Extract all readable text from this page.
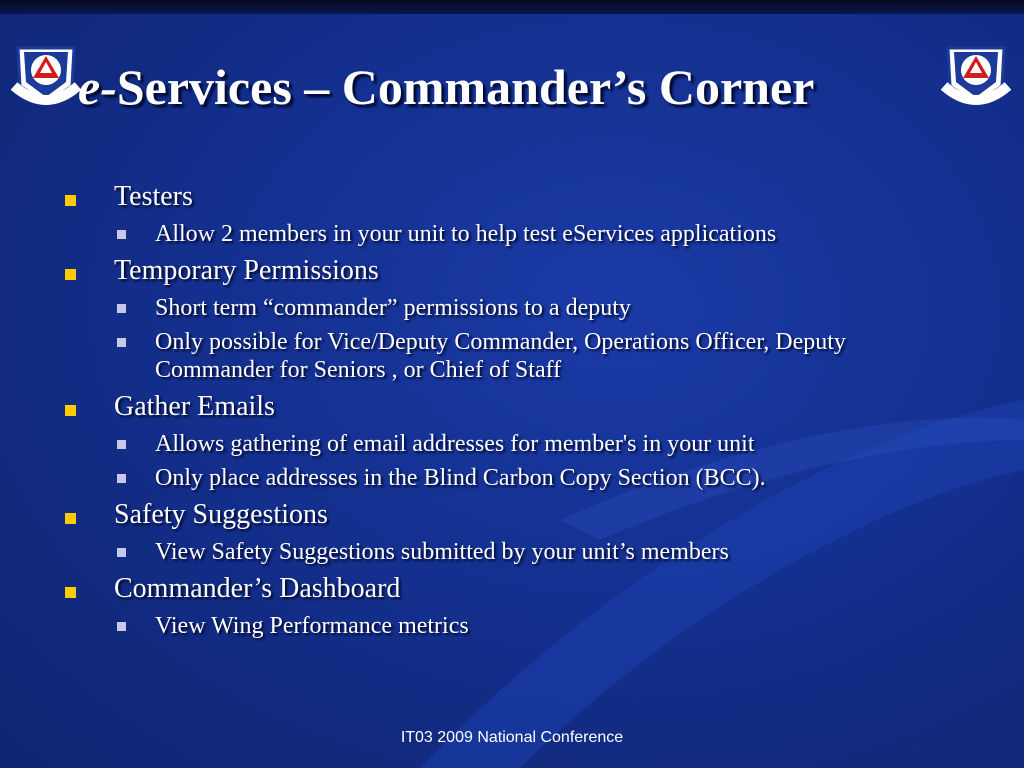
e-Services – Commander’s Corner
Testers
Allow 2 members in your unit to help test eServices applications
Temporary Permissions
Short term “commander” permissions to a deputy
Only possible for Vice/Deputy Commander, Operations Officer, Deputy Commander for Seniors , or Chief of Staff
Gather Emails
Allows gathering of email addresses for member's in your unit
Only place addresses in the Blind Carbon Copy Section (BCC).
Safety Suggestions
View Safety Suggestions submitted by your unit’s members
Commander’s Dashboard
View Wing Performance metrics
IT03 2009 National Conference
